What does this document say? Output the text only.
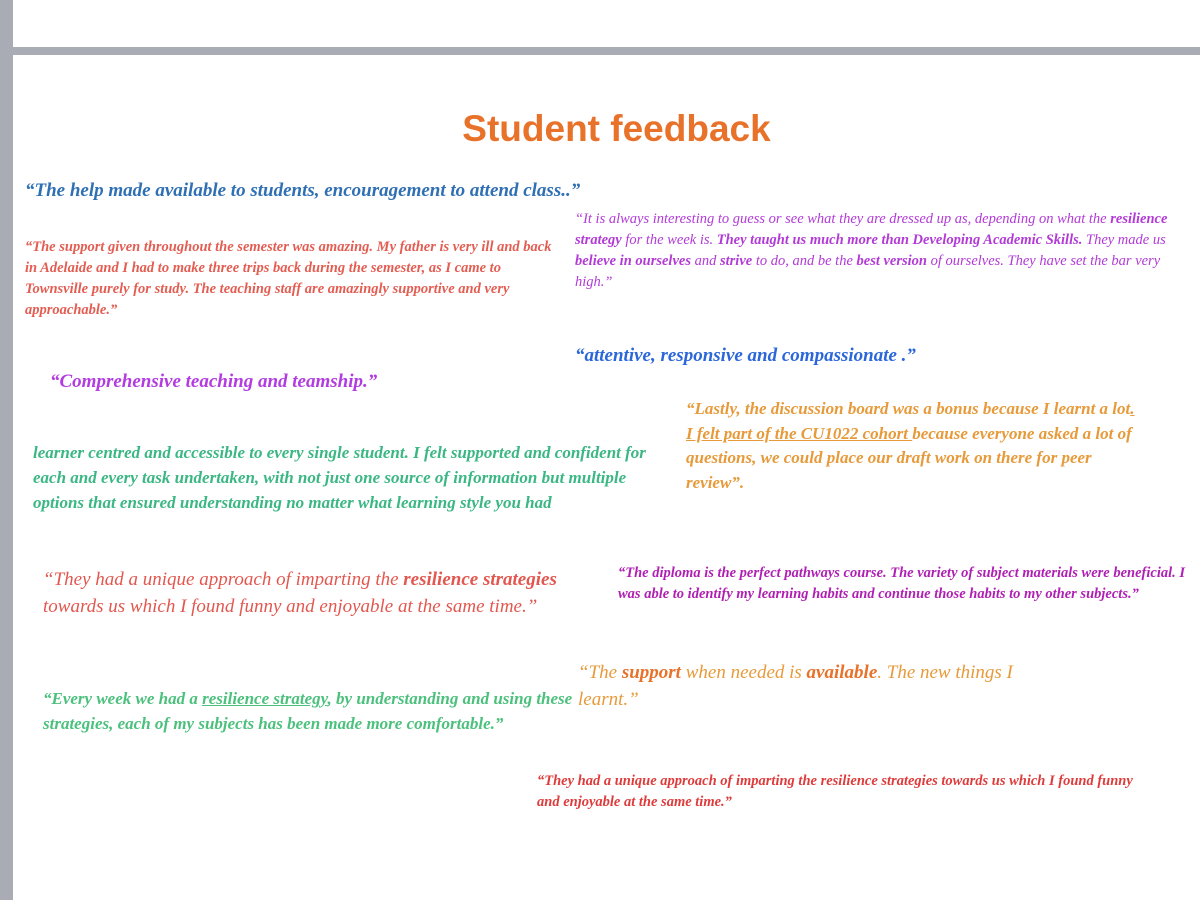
Student feedback

“The help made available to students, encouragement to attend class..”

“The support given throughout the semester was amazing. My father is very ill and back in Adelaide and I had to make three trips back during the semester, as I came to Townsville purely for study. The teaching staff are amazingly supportive and very approachable.”

“It is always interesting to guess or see what they are dressed up as, depending on what the resilience strategy for the week is. They taught us much more than Developing Academic Skills. They made us believe in ourselves and strive to do, and be the best version of ourselves. They have set the bar very high.”

“attentive, responsive and compassionate .”

“Comprehensive teaching and teamship.”

“Lastly, the discussion board was a bonus because I learnt a lot. I felt part of the CU1022 cohort because everyone asked a lot of questions, we could place our draft work on there for peer review”.

learner centred and accessible to every single student. I felt supported and confident for each and every task undertaken, with not just one source of information but multiple options that ensured understanding no matter what learning style you had

“They had a unique approach of imparting the resilience strategies towards us which I found funny and enjoyable at the same time.”

“The diploma is the perfect pathways course. The variety of subject materials were beneficial. I was able to identify my learning habits and continue those habits to my other subjects.”

“The support when needed is available. The new things I learnt.”

“Every week we had a resilience strategy, by understanding and using these strategies, each of my subjects has been made more comfortable.”

“They had a unique approach of imparting the resilience strategies towards us which I found funny and enjoyable at the same time.”
